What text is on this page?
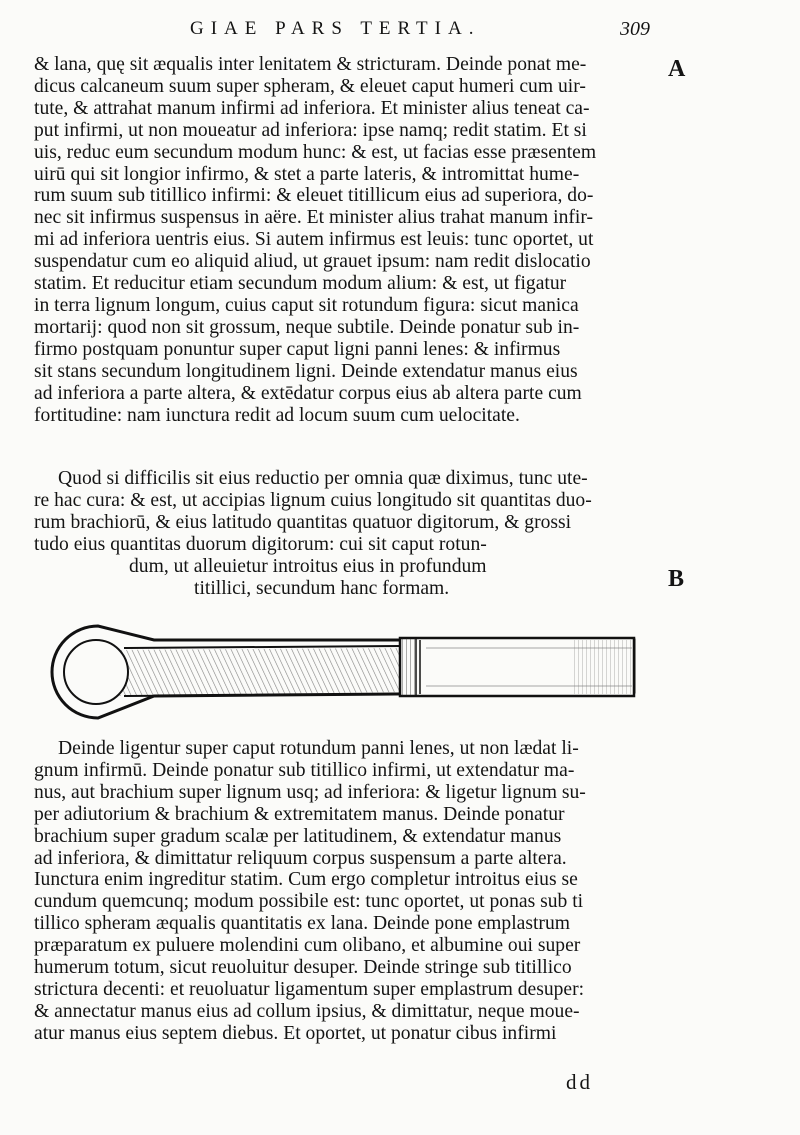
GIAE PARS TERTIA.	309
A
B
& lana, quę sit æqualis inter lenitatem & stricturam. Deinde ponat me-
dicus calcaneum suum super spheram, & eleuet caput humeri cum uir-
tute, & attrahat manum infirmi ad inferiora. Et minister alius teneat ca-
put infirmi, ut non moueatur ad inferiora: ipse namq; redit statim. Et si
uis, reduc eum secundum modum hunc: & est, ut facias esse præsentem
uirū qui sit longior infirmo, & stet a parte lateris, & intromittat hume-
rum suum sub titillico infirmi: & eleuet titillicum eius ad superiora, do-
nec sit infirmus suspensus in aëre. Et minister alius trahat manum infir-
mi ad inferiora uentris eius. Si autem infirmus est leuis: tunc oportet, ut
suspendatur cum eo aliquid aliud, ut grauet ipsum: nam redit dislocatio
statim. Et reducitur etiam secundum modum alium: & est, ut figatur
in terra lignum longum, cuius caput sit rotundum figura: sicut manica
mortarij: quod non sit grossum, neque subtile. Deinde ponatur sub in-
firmo postquam ponuntur super caput ligni panni lenes: & infirmus
sit stans secundum longitudinem ligni. Deinde extendatur manus eius
ad inferiora a parte altera, & extēdatur corpus eius ab altera parte cum
fortitudine: nam iunctura redit ad locum suum cum uelocitate.
Quod si difficilis sit eius reductio per omnia quæ diximus, tunc ute-
re hac cura: & est, ut accipias lignum cuius longitudo sit quantitas duo-
rum brachiorū, & eius latitudo quantitas quatuor digitorum, & grossi
tudo eius quantitas duorum digitorum: cui sit caput rotun-
dum, ut alleuietur introitus eius in profundum
titillici, secundum hanc formam.
Deinde ligentur super caput rotundum panni lenes, ut non lædat li-
gnum infirmū. Deinde ponatur sub titillico infirmi, ut extendatur ma-
nus, aut brachium super lignum usq; ad inferiora: & ligetur lignum su-
per adiutorium & brachium & extremitatem manus. Deinde ponatur
brachium super gradum scalæ per latitudinem, & extendatur manus
ad inferiora, & dimittatur reliquum corpus suspensum a parte altera.
Iunctura enim ingreditur statim. Cum ergo completur introitus eius se
cundum quemcunq; modum possibile est: tunc oportet, ut ponas sub ti
tillico spheram æqualis quantitatis ex lana. Deinde pone emplastrum
præparatum ex puluere molendini cum olibano, et albumine oui super
humerum totum, sicut reuoluitur desuper. Deinde stringe sub titillico
strictura decenti: et reuoluatur ligamentum super emplastrum desuper:
& annectatur manus eius ad collum ipsius, & dimittatur, neque moue-
atur manus eius septem diebus. Et oportet, ut ponatur cibus infirmi
dd
